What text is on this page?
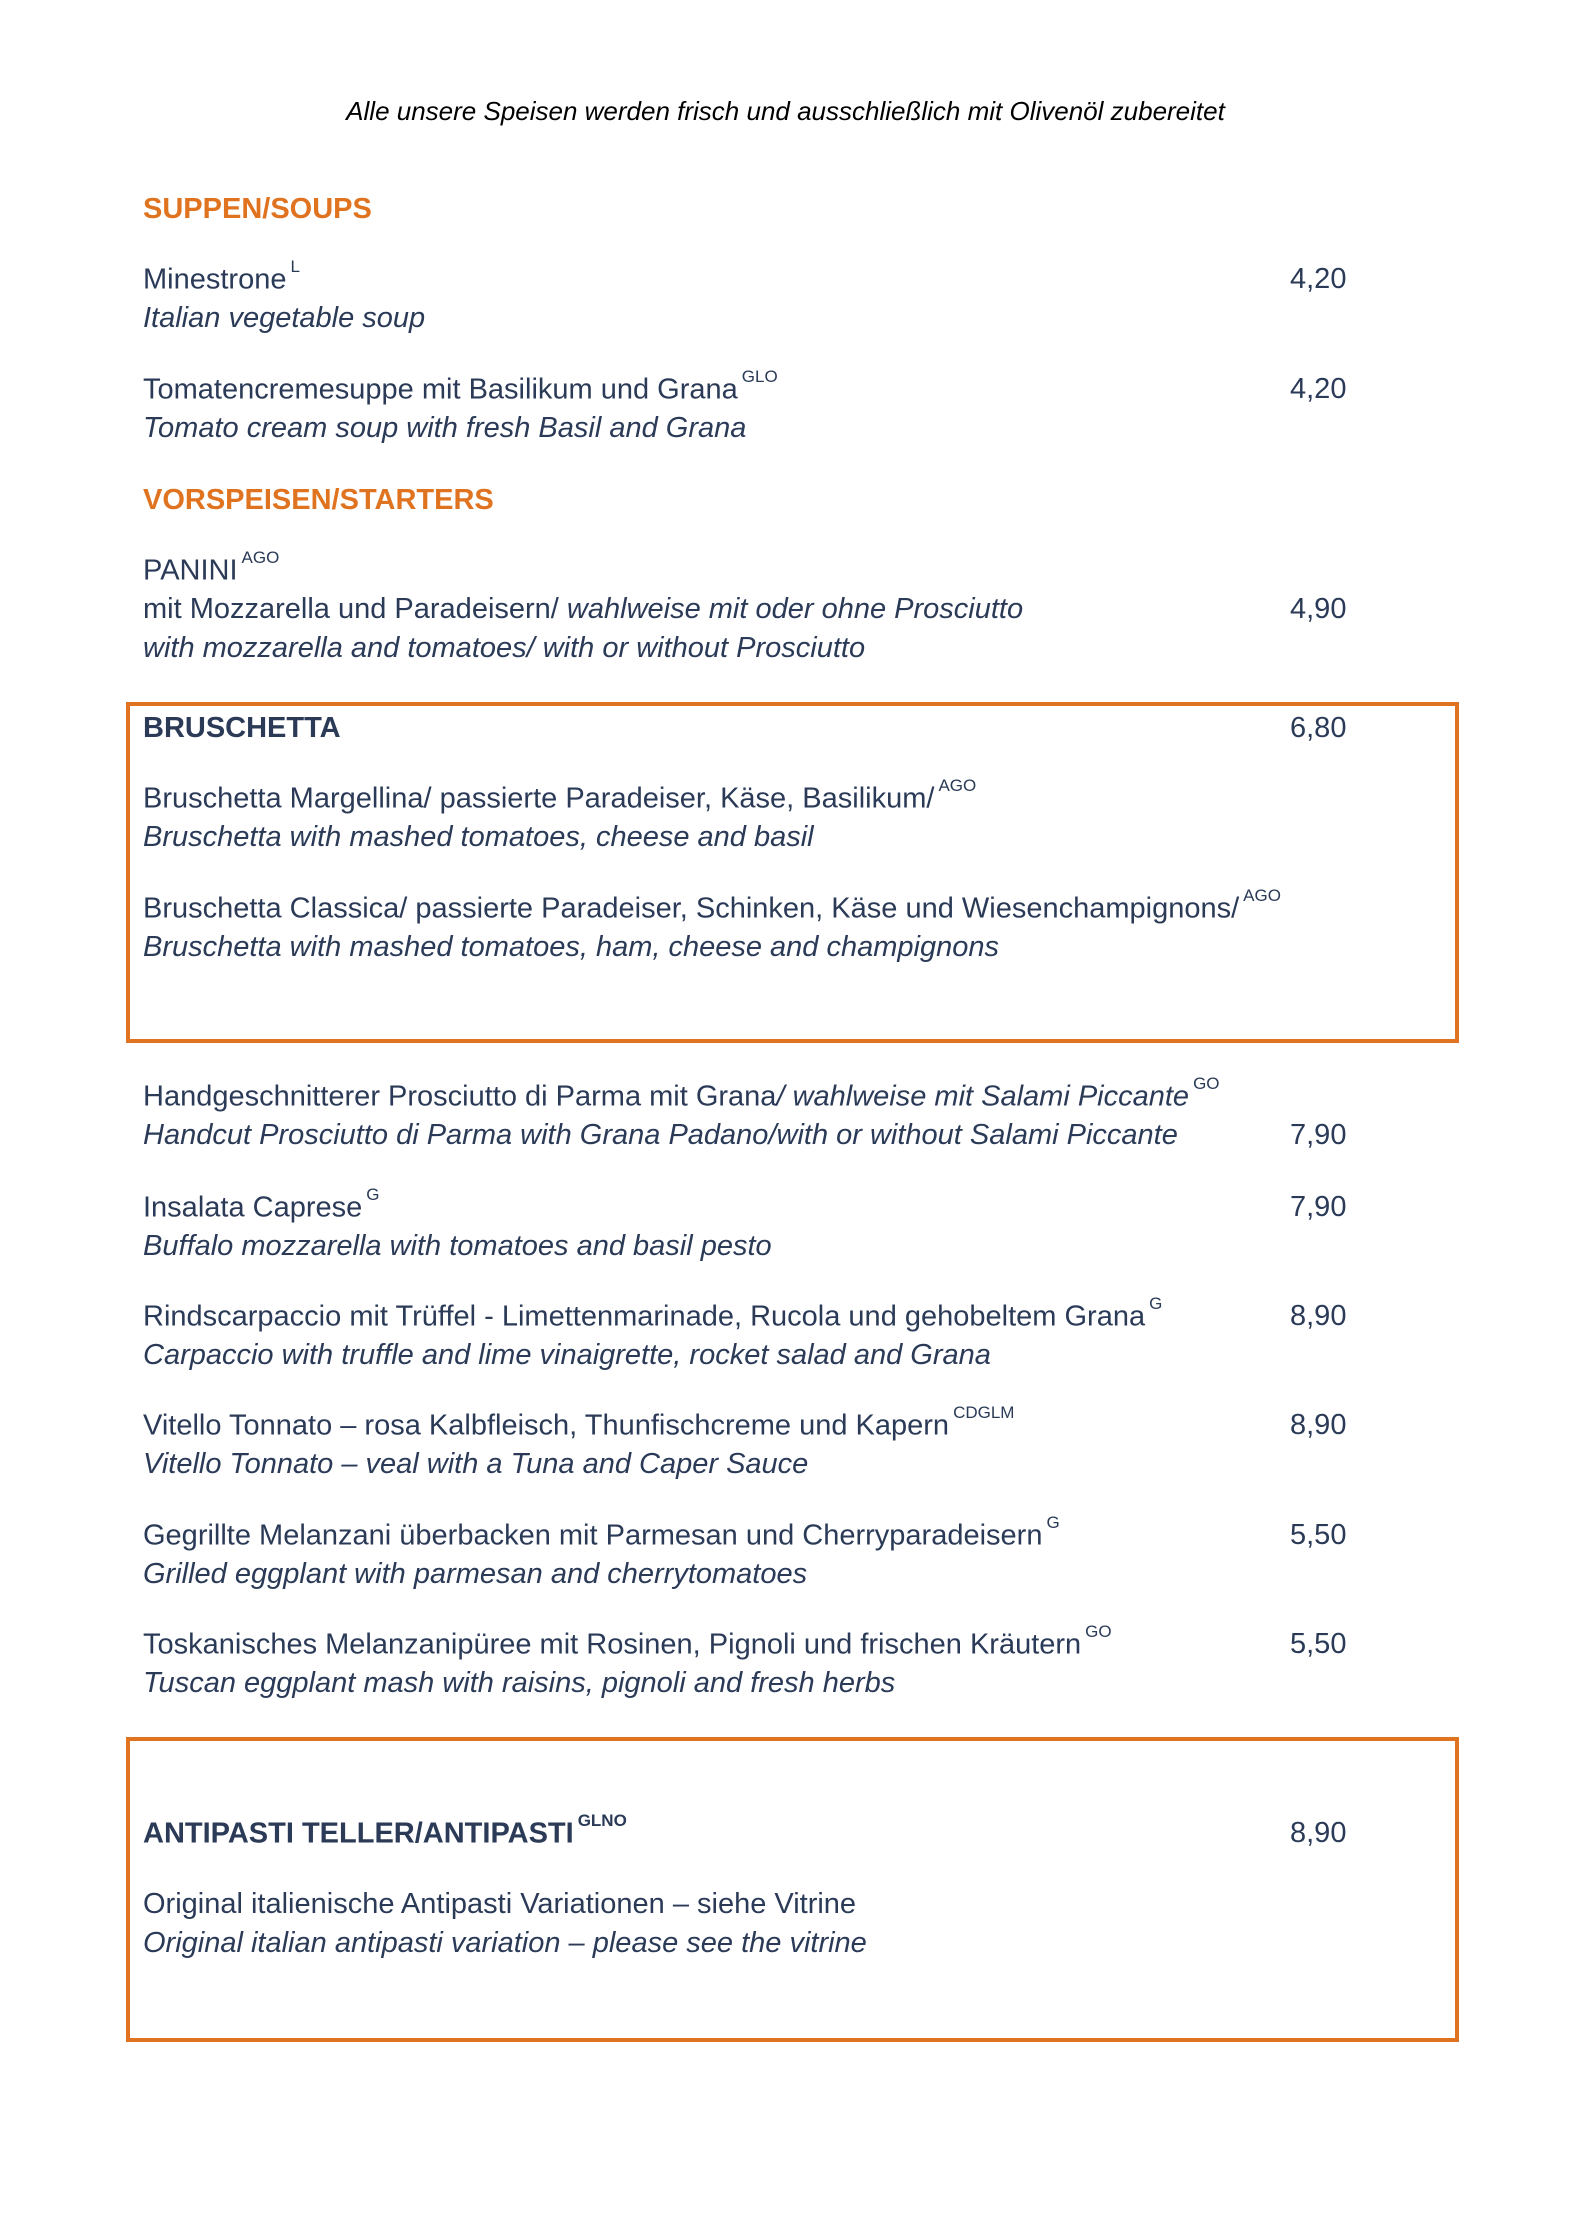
Alle unsere Speisen werden frisch und ausschließlich mit Olivenöl zubereitet
SUPPEN/SOUPS
Minestrone $^L$
Italian vegetable soup
4,20
Tomatencremesuppe mit Basilikum und Grana $^{GLO}$
Tomato cream soup with fresh Basil and Grana
4,20
VORSPEISEN/STARTERS
PANINI $^{AGO}$
mit Mozzarella und Paradeisern/ wahlweise mit oder ohne Prosciutto
with mozzarella and tomatoes/ with or without Prosciutto
4,90
BRUSCHETTA	6,80
Bruschetta Margellina/ passierte Paradeiser, Käse, Basilikum/ $^{AGO}$
Bruschetta with mashed tomatoes, cheese and basil
Bruschetta Classica/ passierte Paradeiser, Schinken, Käse und Wiesenchampignons/ $^{AGO}$
Bruschetta with mashed tomatoes, ham, cheese and champignons
Handgeschnitterer Prosciutto di Parma mit Grana/ wahlweise mit Salami Piccante $^{GO}$
Handcut Prosciutto di Parma with Grana Padano/with or without Salami Piccante	7,90
Insalata Caprese $^G$
Buffalo mozzarella with tomatoes and basil pesto
7,90
Rindscarpaccio mit Trüffel - Limettenmarinade, Rucola und gehobeltem Grana $^G$
Carpaccio with truffle and lime vinaigrette, rocket salad and Grana
8,90
Vitello Tonnato – rosa Kalbfleisch, Thunfischcreme und Kapern $^{CDGLM}$
Vitello Tonnato – veal with a Tuna and Caper Sauce
8,90
Gegrillte Melanzani überbacken mit Parmesan und Cherryparadeisern $^G$
Grilled eggplant with parmesan and cherrytomatoes
5,50
Toskanisches Melanzanipüree mit Rosinen, Pignoli und frischen Kräutern $^{GO}$
Tuscan eggplant mash with raisins, pignoli and fresh herbs
5,50
ANTIPASTI TELLER/ANTIPASTI $^{GLNO}$	8,90
Original italienische Antipasti Variationen – siehe Vitrine
Original italian antipasti variation – please see the vitrine
